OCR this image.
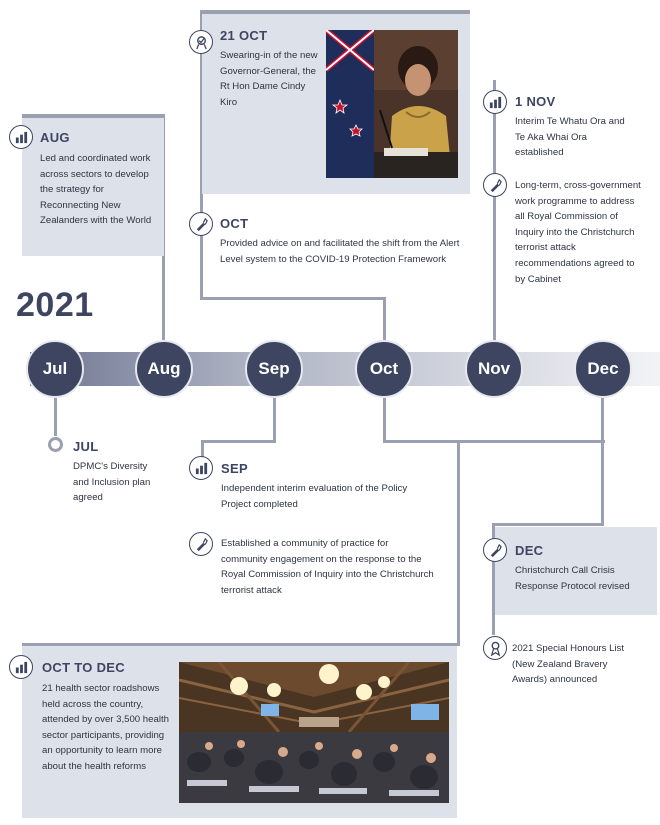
2021
Jul	Aug	Sep	Oct	Nov	Dec
AUG
Led and coordinated work across sectors to develop the strategy for Reconnecting New Zealanders with the World
21 OCT
Swearing-in of the new Governor-General, the Rt Hon Dame Cindy Kiro
OCT
Provided advice on and facilitated the shift from the Alert Level system to the COVID-19 Protection Framework
1 NOV
Interim Te Whatu Ora and Te Aka Whai Ora established
Long-term, cross-government work programme to address all Royal Commission of Inquiry into the Christchurch terrorist attack recommendations agreed to by Cabinet
JUL
DPMC's Diversity and Inclusion plan agreed
SEP
Independent interim evaluation of the Policy Project completed
Established a community of practice for community engagement on the response to the Royal Commission of Inquiry into the Christchurch terrorist attack
DEC
Christchurch Call Crisis Response Protocol revised
2021 Special Honours List (New Zealand Bravery Awards) announced
OCT TO DEC
21 health sector roadshows held across the country, attended by over 3,500 health sector participants, providing an opportunity to learn more about the health reforms
